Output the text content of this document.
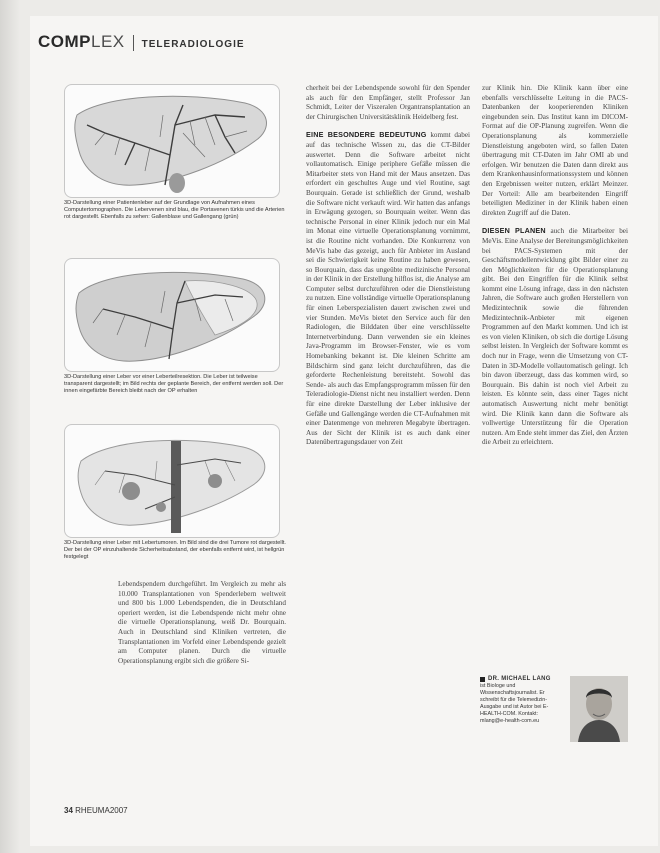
COMPLEX TELERADIOLOGIE

3D-Darstellung einer Patientenleber auf der Grundlage von Aufnahmen eines Computertomographen. Die Lebervenen sind blau, die Portavenen türkis und die Arterien rot dargestellt. Ebenfalls zu sehen: Gallenblase und Gallengang (grün)

3D-Darstellung einer Leber vor einer Leberteilresektion. Die Leber ist teilweise transparent dargestellt; im Bild rechts der geplante Bereich, der entfernt werden soll. Der innen eingefärbte Bereich bleibt nach der OP erhalten

3D-Darstellung einer Leber mit Lebertumoren. Im Bild sind die drei Tumore rot dargestellt. Der bei der OP einzuhaltende Sicherheitsabstand, der ebenfalls entfernt wird, ist hellgrün festgelegt

Lebendspendern durchgeführt. Im Vergleich zu mehr als 10.000 Transplantationen von Spenderlebern weltweit und 800 bis 1.000 Lebendspenden, die in Deutschland operiert werden, ist die Lebendspende nicht mehr ohne die virtuelle Operationsplanung, weiß Dr. Bourquain. Auch in Deutschland sind Kliniken vertreten, die Transplantationen im Vorfeld einer Lebendspende gezielt am Computer planen. Durch die virtuelle Operationsplanung ergibt sich die größere Si-

34 RHEUMA2007

cherheit bei der Lebendspende sowohl für den Spender als auch für den Empfänger, stellt Professor Jan Schmidt, Leiter der Viszeralen Organtransplantation an der Chirurgischen Universitätsklinik Heidelberg fest.

EINE BESONDERE BEDEUTUNG kommt dabei auf das technische Wissen zu, das die CT-Bilder auswertet. Denn die Software arbeitet nicht vollautomatisch. Einige periphere Gefäße müssen die Mitarbeiter stets von Hand mit der Maus ansetzen. Das erfordert ein geschultes Auge und viel Routine, sagt Bourquain. Gerade ist schließlich der Grund, weshalb die Software nicht verkauft wird. Wir hatten das anfangs in Erwägung gezogen, so Bourquain weiter. Wenn das technische Personal in einer Klinik jedoch nur ein Mal im Monat eine virtuelle Operationsplanung vornimmt, ist die Routine nicht vorhanden. Die Konkurrenz von MeVis habe das gezeigt, auch für Anbieter im Ausland sei die Schwierigkeit keine Routine zu haben gewesen, so Bourquain, dass das ungeübte medizinische Personal in der Klinik in der Erstellung hilflos ist, die Analyse am Computer selbst durchzuführen oder die Dienstleistung zu nutzen. Eine vollständige virtuelle Operationsplanung für einen Leberspezialisten dauert zwischen zwei und vier Stunden. MeVis bietet den Service auch für den Radiologen, die Bilddaten über eine verschlüsselte Internetverbindung. Dann verwenden sie ein kleines Java-Programm im Browser-Fenster, wie es vom Homebanking bekannt ist. Die kleinen Schritte am Bildschirm sind ganz leicht durchzuführen, das die geforderte Rechenleistung bereitsteht. Sowohl das Sende- als auch das Empfangsprogramm müssen für den Teleradiologie-Dienst nicht neu installiert werden. Denn für eine direkte Darstellung der Leber inklusive der Gefäße und Gallengänge werden die CT-Aufnahmen mit einer Datenmenge von mehreren Megabyte übertragen. Aus der Sicht der Klinik ist es auch dank einer Datenübertragungsdauer von Zeit

zur Klinik hin. Die Klinik kann über eine ebenfalls verschlüsselte Leitung in die PACS-Datenbanken der kooperierenden Kliniken eingebunden sein. Das Institut kann im DICOM-Format auf die OP-Planung zugreifen. Wenn die Operationsplanung als kommerzielle Dienstleistung angeboten wird, so fallen Daten übertragung mit CT-Daten im Jahr OMI ab und erfolgen. Wir benutzen die Daten dann direkt aus dem Krankenhausinformationssystem und können den Ergebnissen weiter nutzen, erklärt Meinzer. Der Vorteil: Alle am bearbeitenden Eingriff beteiligten Mediziner in der Klinik haben einen direkten Zugriff auf die Daten.

DIESEN PLANEN auch die Mitarbeiter bei MeVis. Eine Analyse der Bereitungsmöglichkeiten bei PACS-Systemen mit der Geschäftsmodellentwicklung gibt Bilder einer zu den Möglichkeiten für die Operationsplanung gibt. Bei den Eingriffen für die Klinik selbst kommt eine Lösung infrage, dass in den nächsten Jahren, die Software auch großen Herstellern von Medizintechnik sowie die führenden Medizintechnik-Anbieter mit eigenen Programmen auf den Markt kommen. Und ich ist es von vielen Kliniken, ob sich die dortige Lösung selbst leisten. In Vergleich der Software kommt es doch nur in Frage, wenn die Umsetzung von CT-Daten in 3D-Modelle vollautomatisch gelingt. Ich bin davon überzeugt, dass das kommen wird, so Bourquain. Bis dahin ist noch viel Arbeit zu leisten. Es könnte sein, dass einer Tages nicht automatisch Auswertung nicht mehr benötigt wird. Die Klinik kann dann die Software als vollwertige Unterstützung für die Operation nutzen. Am Ende steht immer das Ziel, den Ärzten die Arbeit zu erleichtern.

DR. MICHAEL LANG
ist Biologe und Wissenschaftsjournalist. Er schreibt für die Telemedizin-Ausgabe und ist Autor bei E-HEALTH-COM. Kontakt: mlang@e-health-com.eu
